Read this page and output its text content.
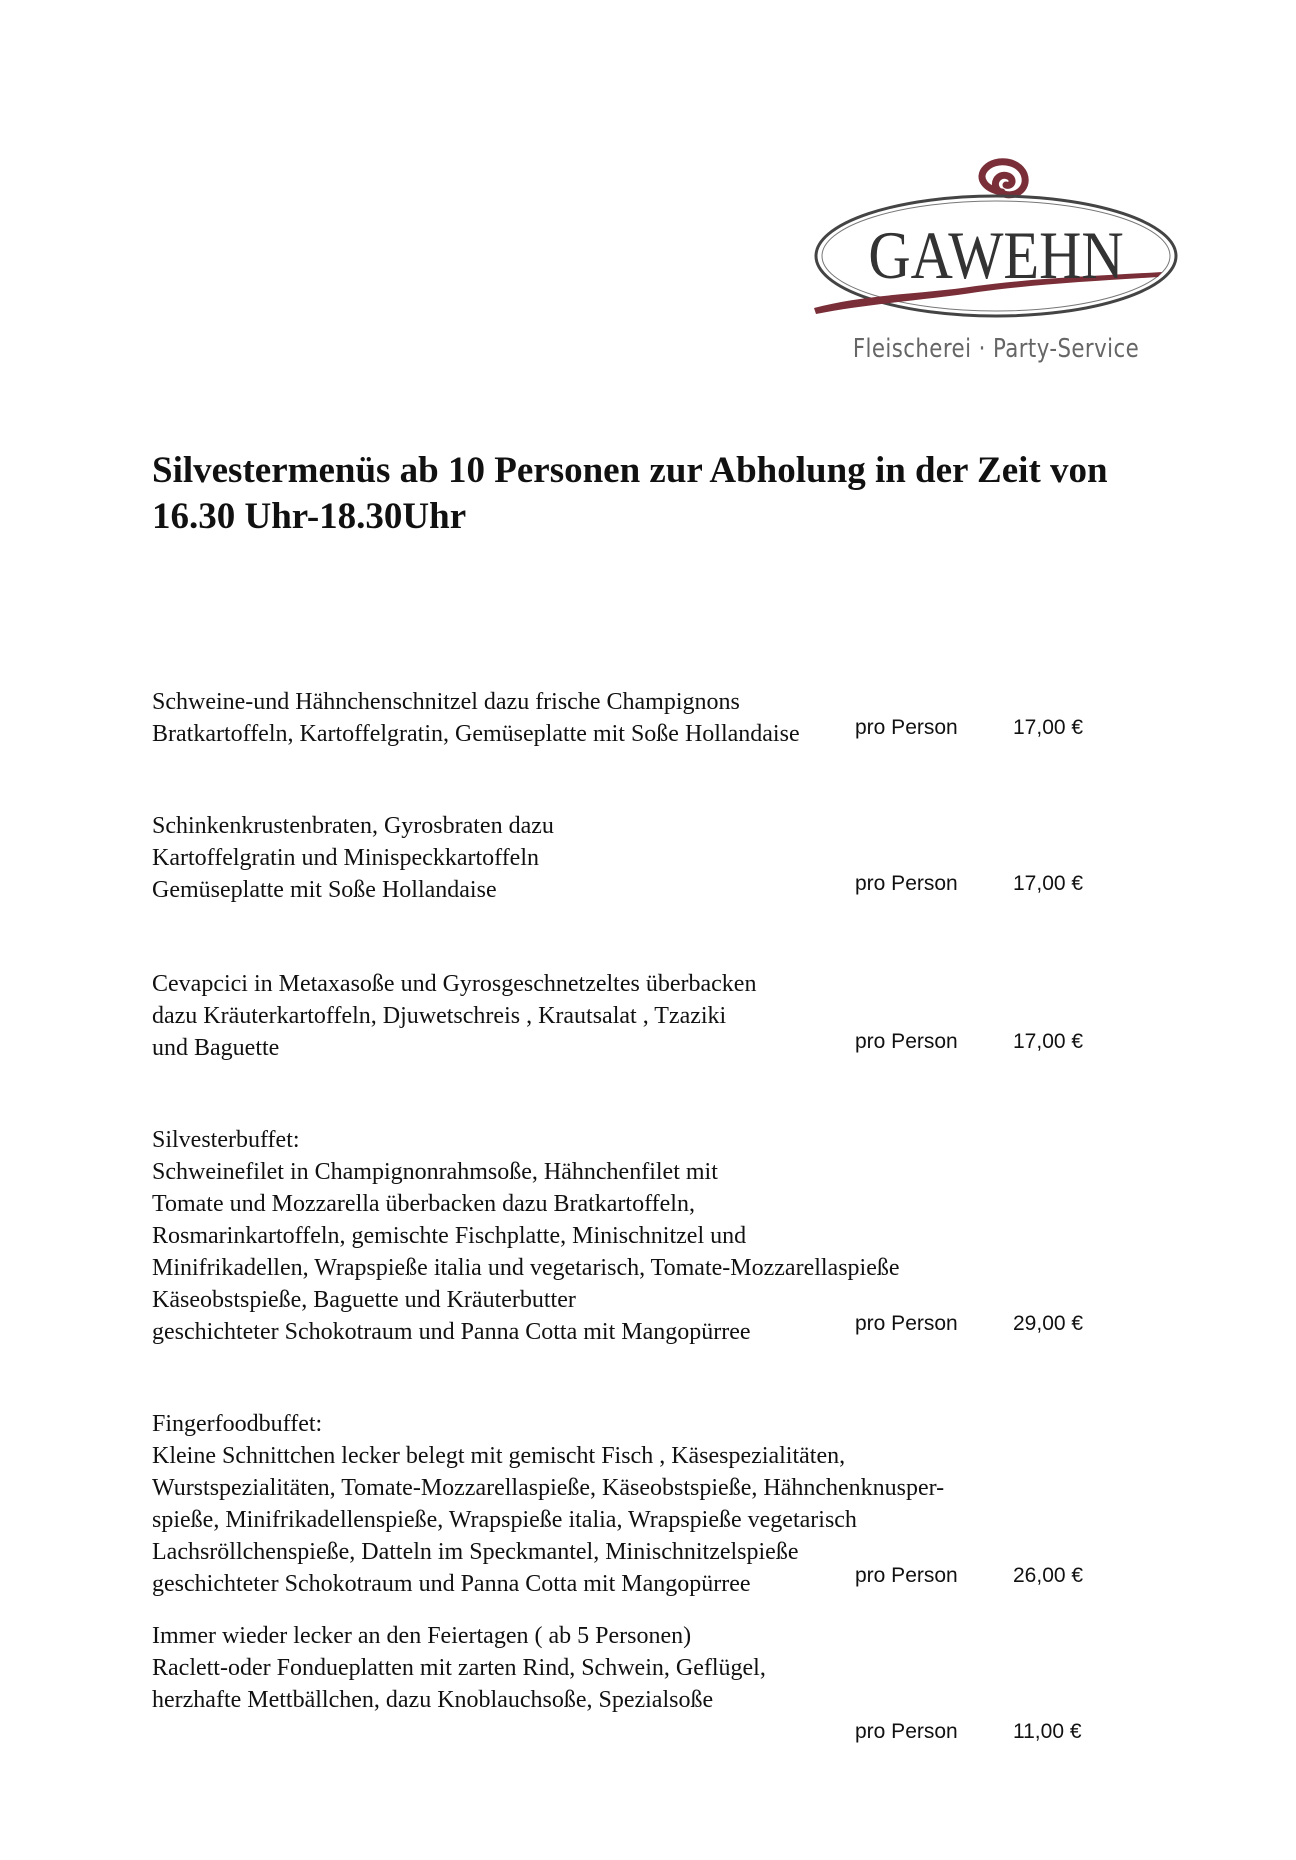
GAWEHN
Fleischerei · Party-Service
Silvestermenüs ab 10 Personen zur Abholung in der Zeit von 16.30 Uhr-18.30Uhr
Schweine-und Hähnchenschnitzel dazu frische Champignons
Bratkartoffeln, Kartoffelgratin, Gemüseplatte mit Soße Hollandaise	pro Person	17,00 €
Schinkenkrustenbraten, Gyrosbraten dazu
Kartoffelgratin und Minispeckkartoffeln
Gemüseplatte mit Soße Hollandaise	pro Person	17,00 €
Cevapcici in Metaxasoße und Gyrosgeschnetzeltes überbacken
dazu Kräuterkartoffeln, Djuwetschreis , Krautsalat , Tzaziki
und Baguette	pro Person	17,00 €
Silvesterbuffet:
Schweinefilet in Champignonrahmsoße, Hähnchenfilet mit
Tomate und Mozzarella überbacken dazu Bratkartoffeln,
Rosmarinkartoffeln, gemischte Fischplatte, Minischnitzel und
Minifrikadellen, Wrapspieße italia und vegetarisch, Tomate-Mozzarellaspieße
Käseobstspieße, Baguette und Kräuterbutter
geschichteter Schokotraum und Panna Cotta mit Mangopürree	pro Person	29,00 €
Fingerfoodbuffet:
Kleine Schnittchen lecker belegt mit gemischt Fisch , Käsespezialitäten,
Wurstspezialitäten, Tomate-Mozzarellaspieße, Käseobstspieße, Hähnchenknusper-
spieße, Minifrikadellenspieße, Wrapspieße italia, Wrapspieße vegetarisch
Lachsröllchenspieße, Datteln im Speckmantel, Minischnitzelspieße
geschichteter Schokotraum und Panna Cotta mit Mangopürree	pro Person	26,00 €
Immer wieder lecker an den Feiertagen ( ab 5 Personen)
Raclett-oder Fondueplatten mit zarten Rind, Schwein, Geflügel,
herzhafte Mettbällchen, dazu Knoblauchsoße, Spezialsoße
pro Person	11,00 €
